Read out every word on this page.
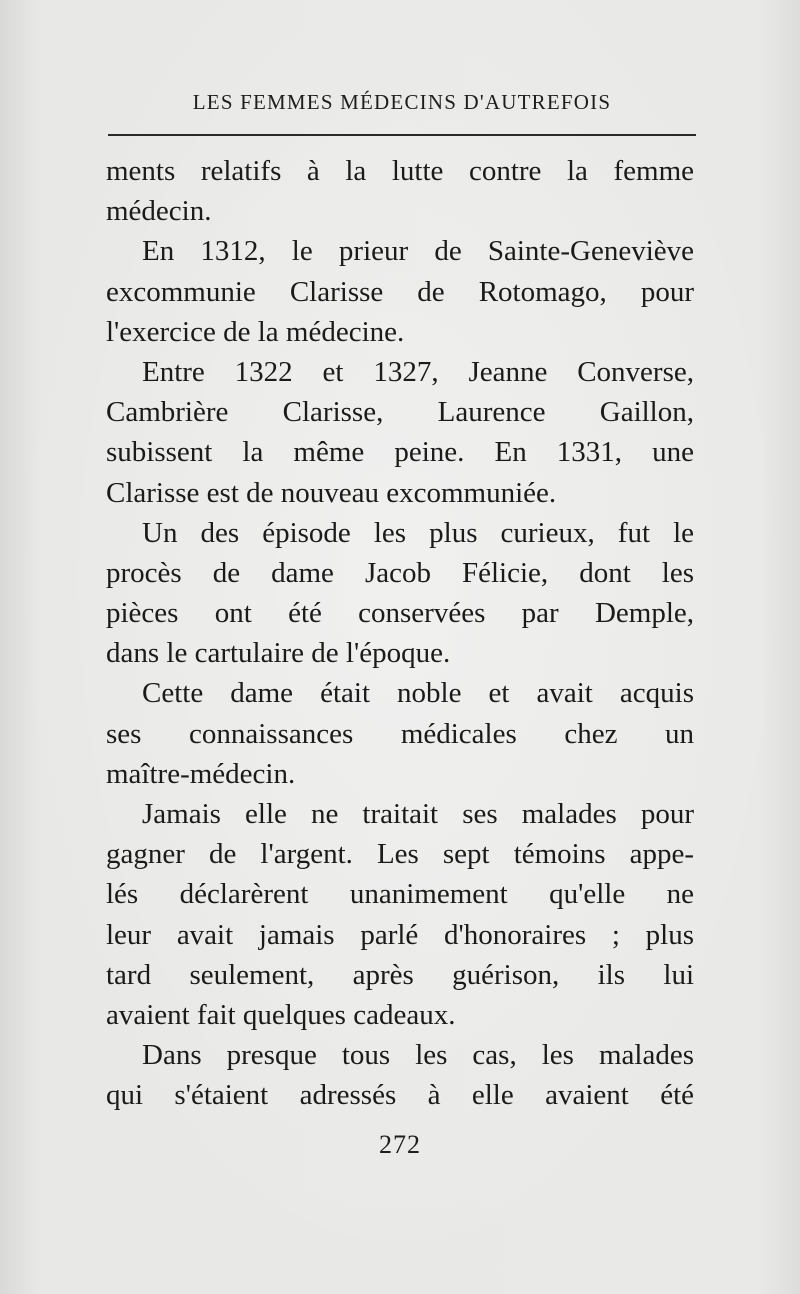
LES FEMMES MÉDECINS D'AUTREFOIS
ments relatifs à la lutte contre la femme
médecin.
En 1312, le prieur de Sainte-Geneviève
excommunie Clarisse de Rotomago, pour
l'exercice de la médecine.
Entre 1322 et 1327, Jeanne Converse,
Cambrière Clarisse, Laurence Gaillon,
subissent la même peine. En 1331, une
Clarisse est de nouveau excommuniée.
Un des épisode les plus curieux, fut le
procès de dame Jacob Félicie, dont les
pièces ont été conservées par Demple,
dans le cartulaire de l'époque.
Cette dame était noble et avait acquis
ses connaissances médicales chez un
maître-médecin.
Jamais elle ne traitait ses malades pour
gagner de l'argent. Les sept témoins appe-
lés déclarèrent unanimement qu'elle ne
leur avait jamais parlé d'honoraires ; plus
tard seulement, après guérison, ils lui
avaient fait quelques cadeaux.
Dans presque tous les cas, les malades
qui s'étaient adressés à elle avaient été
272
